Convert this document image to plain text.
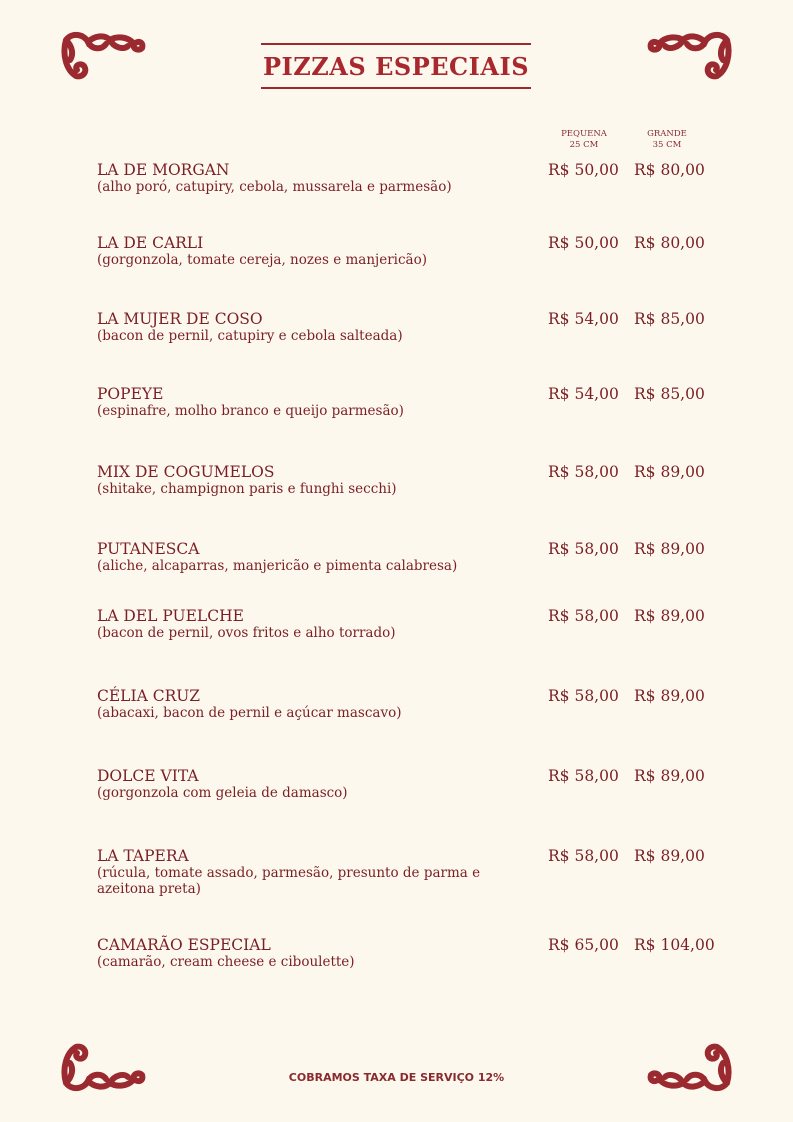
PIZZAS ESPECIAIS
PEQUENA
25 CM
GRANDE
35 CM
LA DE MORGAN
(alho poró, catupiry, cebola, mussarela e parmesão)
R$ 50,00 R$ 80,00
LA DE CARLI
(gorgonzola, tomate cereja, nozes e manjericão)
R$ 50,00 R$ 80,00
LA MUJER DE COSO
(bacon de pernil, catupiry e cebola salteada)
R$ 54,00 R$ 85,00
POPEYE
(espinafre, molho branco e queijo parmesão)
R$ 54,00 R$ 85,00
MIX DE COGUMELOS
(shitake, champignon paris e funghi secchi)
R$ 58,00 R$ 89,00
PUTANESCA
(aliche, alcaparras, manjericão e pimenta calabresa)
R$ 58,00 R$ 89,00
LA DEL PUELCHE
(bacon de pernil, ovos fritos e alho torrado)
R$ 58,00 R$ 89,00
CÉLIA CRUZ
(abacaxi, bacon de pernil e açúcar mascavo)
R$ 58,00 R$ 89,00
DOLCE VITA
(gorgonzola com geleia de damasco)
R$ 58,00 R$ 89,00
LA TAPERA
(rúcula, tomate assado, parmesão, presunto de parma e azeitona preta)
R$ 58,00 R$ 89,00
CAMARÃO ESPECIAL
(camarão, cream cheese e ciboulette)
R$ 65,00 R$ 104,00
COBRAMOS TAXA DE SERVIÇO 12%
